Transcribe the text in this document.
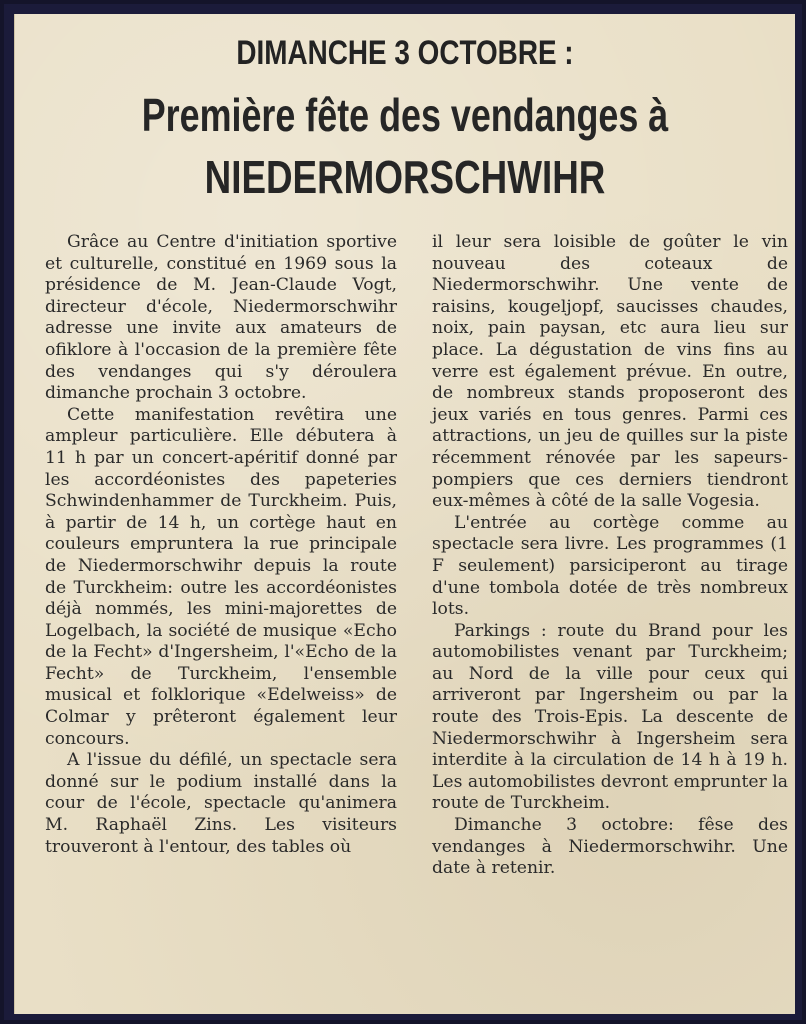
DIMANCHE 3 OCTOBRE :
Première fête des vendanges à
NIEDERMORSCHWIHR

Grâce au Centre d'initiation sportive et culturelle, constitué en 1969 sous la présidence de M. Jean-Claude Vogt, directeur d'école, Niedermorschwihr adresse une invite aux amateurs de ofiklore à l'occasion de la première fête des vendanges qui s'y déroulera dimanche prochain 3 octobre.

Cette manifestation revêtira une ampleur particulière. Elle débutera à 11 h par un concert-apéritif donné par les accordéonistes des papeteries Schwindenhammer de Turckheim. Puis, à partir de 14 h, un cortège haut en couleurs empruntera la rue principale de Niedermorschwihr depuis la route de Turckheim: outre les accordéonistes déjà nommés, les mini-majorettes de Logelbach, la société de musique «Echo de la Fecht» d'Ingersheim, l'«Echo de la Fecht» de Turckheim, l'ensemble musical et folklorique «Edelweiss» de Colmar y prêteront également leur concours.

A l'issue du défilé, un spectacle sera donné sur le podium installé dans la cour de l'école, spectacle qu'animera M. Raphaël Zins. Les visiteurs trouveront à l'entour, des tables où

il leur sera loisible de goûter le vin nouveau des coteaux de Niedermorschwihr. Une vente de raisins, kougeljopf, saucisses chaudes, noix, pain paysan, etc aura lieu sur place. La dégustation de vins fins au verre est également prévue. En outre, de nombreux stands proposeront des jeux variés en tous genres. Parmi ces attractions, un jeu de quilles sur la piste récemment rénovée par les sapeurs-pompiers que ces derniers tiendront eux-mêmes à côté de la salle Vogesia.

L'entrée au cortège comme au spectacle sera livre. Les programmes (1 F seulement) parsiciperont au tirage d'une tombola dotée de très nombreux lots.

Parkings : route du Brand pour les automobilistes venant par Turckheim; au Nord de la ville pour ceux qui arriveront par Ingersheim ou par la route des Trois-Epis. La descente de Niedermorschwihr à Ingersheim sera interdite à la circulation de 14 h à 19 h. Les automobilistes devront emprunter la route de Turckheim.

Dimanche 3 octobre: fêse des vendanges à Niedermorschwihr. Une date à retenir.
